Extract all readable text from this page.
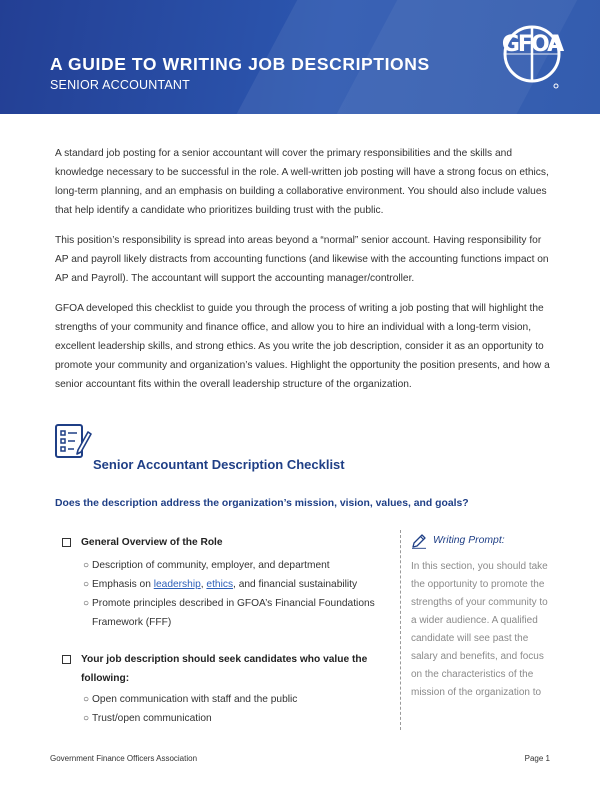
A GUIDE TO WRITING JOB DESCRIPTIONS
SENIOR ACCOUNTANT
GFOA

A standard job posting for a senior accountant will cover the primary responsibilities and the skills and knowledge necessary to be successful in the role. A well-written job posting will have a strong focus on ethics, long-term planning, and an emphasis on building a collaborative environment. You should also include values that help identify a candidate who prioritizes building trust with the public.

This position’s responsibility is spread into areas beyond a “normal” senior account. Having responsibility for AP and payroll likely distracts from accounting functions (and likewise with the accounting functions impact on AP and Payroll). The accountant will support the accounting manager/controller.

GFOA developed this checklist to guide you through the process of writing a job posting that will highlight the strengths of your community and finance office, and allow you to hire an individual with a long-term vision, excellent leadership skills, and strong ethics. As you write the job description, consider it as an opportunity to promote your community and organization’s values. Highlight the opportunity the position presents, and how a senior accountant fits within the overall leadership structure of the organization.

Senior Accountant Description Checklist
Does the description address the organization’s mission, vision, values, and goals?
General Overview of the Role
○ Description of community, employer, and department
○ Emphasis on leadership, ethics, and financial sustainability
○ Promote principles described in GFOA’s Financial Foundations Framework (FFF)
Your job description should seek candidates who value the following:
○ Open communication with staff and the public
○ Trust/open communication
Writing Prompt:
In this section, you should take the opportunity to promote the strengths of your community to a wider audience. A qualified candidate will see past the salary and benefits, and focus on the characteristics of the mission of the organization to
Government Finance Officers Association	Page 1
